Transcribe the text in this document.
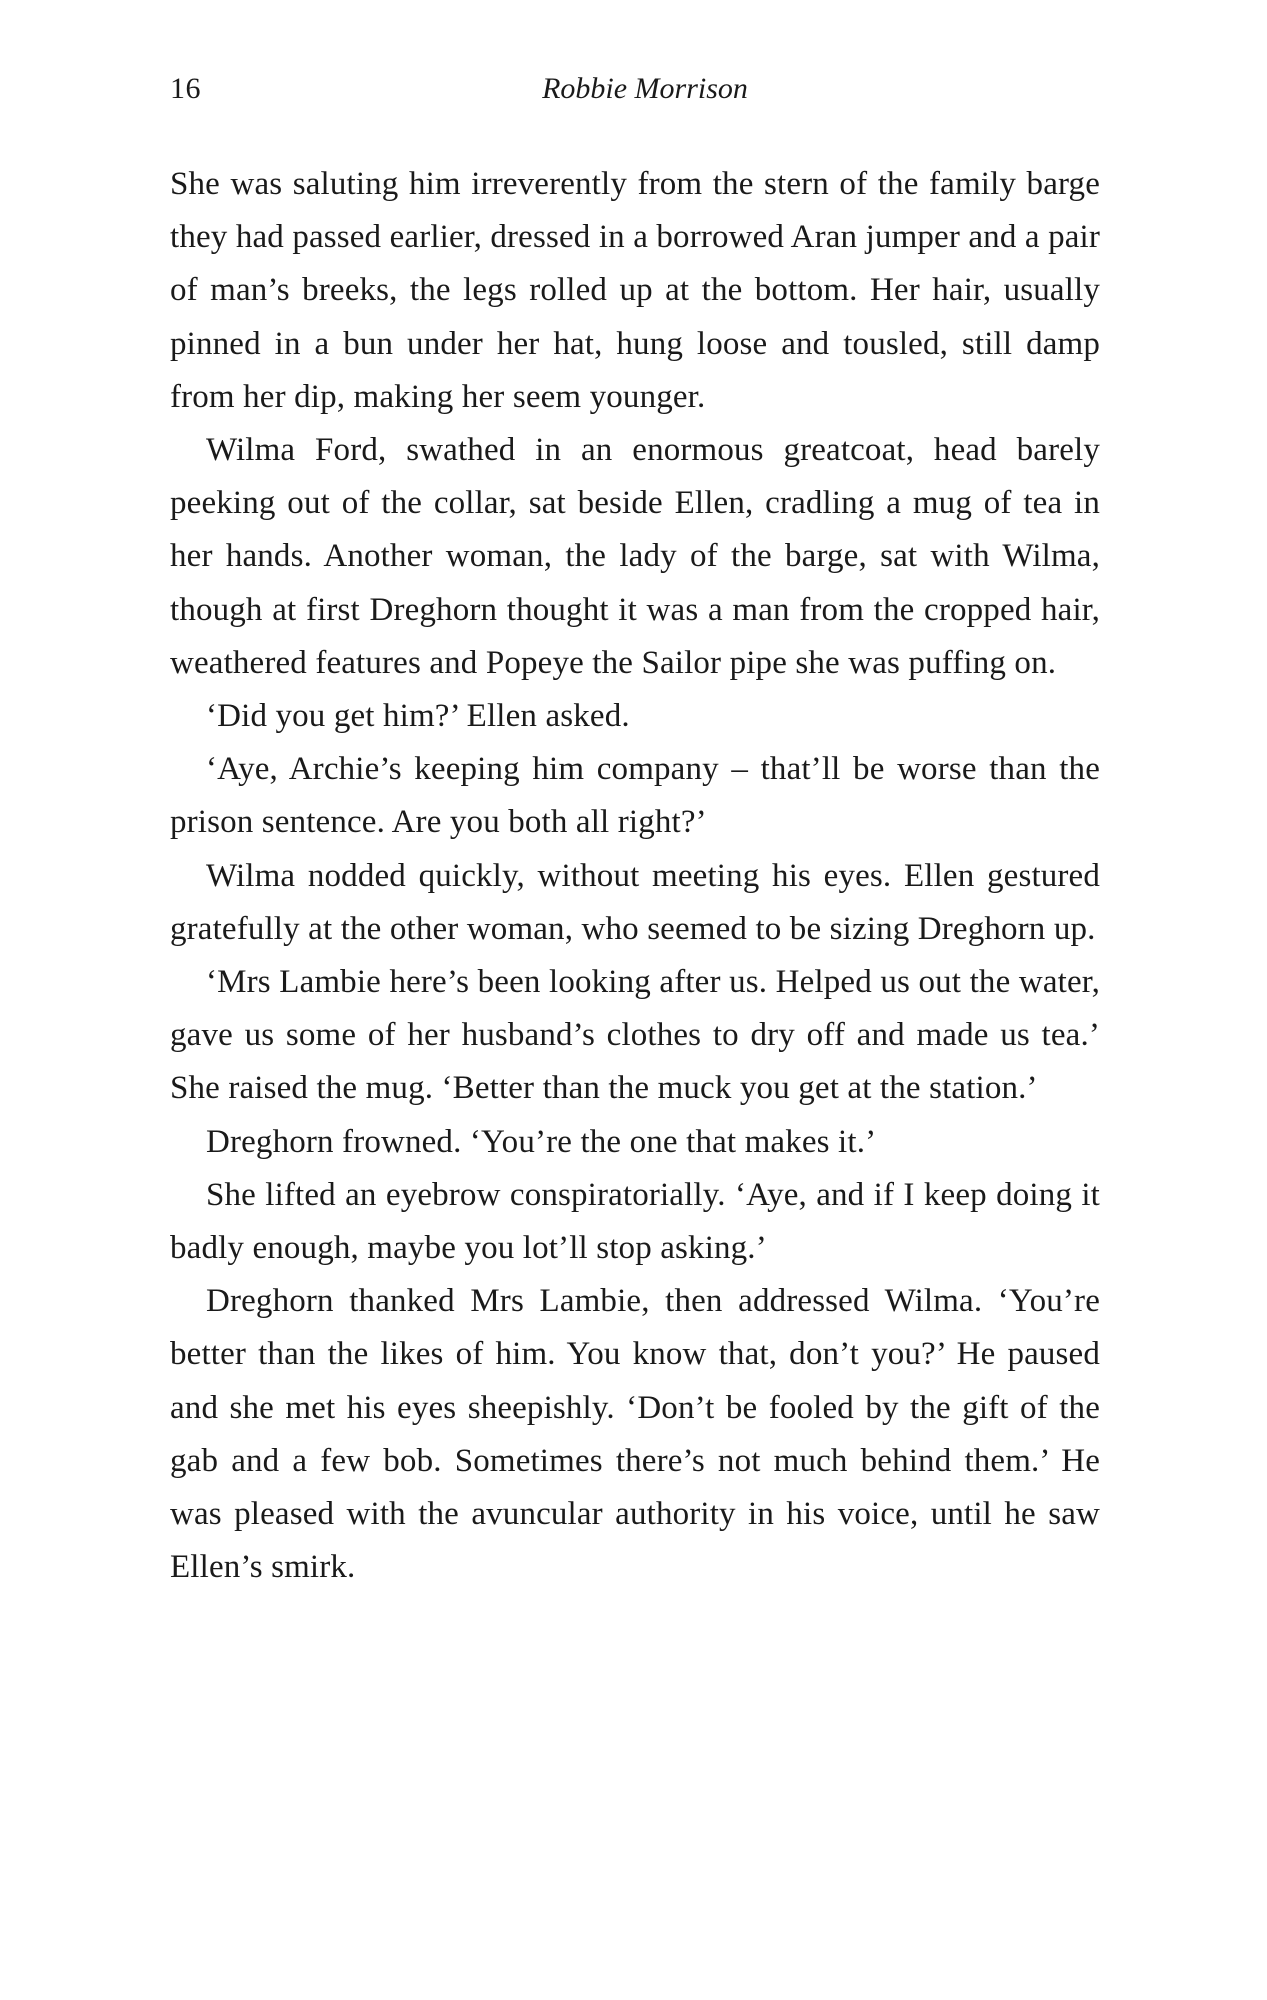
16	Robbie Morrison

She was saluting him irreverently from the stern of the family barge they had passed earlier, dressed in a borrowed Aran jumper and a pair of man’s breeks, the legs rolled up at the bottom. Her hair, usually pinned in a bun under her hat, hung loose and tousled, still damp from her dip, making her seem younger.

Wilma Ford, swathed in an enormous greatcoat, head barely peeking out of the collar, sat beside Ellen, cradling a mug of tea in her hands. Another woman, the lady of the barge, sat with Wilma, though at first Dreghorn thought it was a man from the cropped hair, weathered features and Popeye the Sailor pipe she was puffing on.

‘Did you get him?’ Ellen asked.

‘Aye, Archie’s keeping him company – that’ll be worse than the prison sentence. Are you both all right?’

Wilma nodded quickly, without meeting his eyes. Ellen gestured gratefully at the other woman, who seemed to be sizing Dreghorn up.

‘Mrs Lambie here’s been looking after us. Helped us out the water, gave us some of her husband’s clothes to dry off and made us tea.’ She raised the mug. ‘Better than the muck you get at the station.’

Dreghorn frowned. ‘You’re the one that makes it.’

She lifted an eyebrow conspiratorially. ‘Aye, and if I keep doing it badly enough, maybe you lot’ll stop asking.’

Dreghorn thanked Mrs Lambie, then addressed Wilma. ‘You’re better than the likes of him. You know that, don’t you?’ He paused and she met his eyes sheepishly. ‘Don’t be fooled by the gift of the gab and a few bob. Sometimes there’s not much behind them.’ He was pleased with the avuncular authority in his voice, until he saw Ellen’s smirk.
